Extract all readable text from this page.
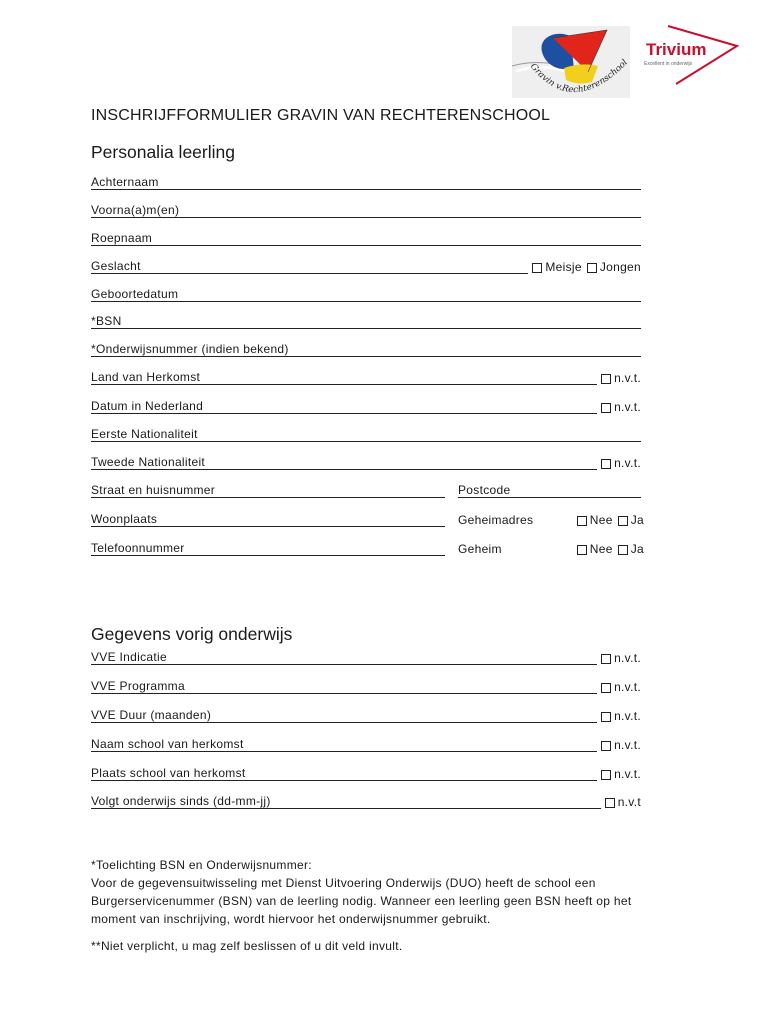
Gravin v.Rechterenschool
Trivium
Excellent in onderwijs
INSCHRIJFFORMULIER GRAVIN VAN RECHTERENSCHOOL
Personalia leerling
Achternaam
Voorna(a)m(en)
Roepnaam
Geslacht	Meisje Jongen
Geboortedatum
*BSN
*Onderwijsnummer (indien bekend)
Land van Herkomst	n.v.t.
Datum in Nederland	n.v.t.
Eerste Nationaliteit
Tweede Nationaliteit	n.v.t.
Straat en huisnummer	Postcode
Woonplaats	Geheimadres	Nee Ja
Telefoonnummer	Geheim	Nee Ja
Gegevens vorig onderwijs
VVE Indicatie	n.v.t.
VVE Programma	n.v.t.
VVE Duur (maanden)	n.v.t.
Naam school van herkomst	n.v.t.
Plaats school van herkomst	n.v.t.
Volgt onderwijs sinds (dd-mm-jj)	n.v.t
*Toelichting BSN en Onderwijsnummer:
Voor de gegevensuitwisseling met Dienst Uitvoering Onderwijs (DUO) heeft de school een
Burgerservicenummer (BSN) van de leerling nodig. Wanneer een leerling geen BSN heeft op het
moment van inschrijving, wordt hiervoor het onderwijsnummer gebruikt.
**Niet verplicht, u mag zelf beslissen of u dit veld invult.
